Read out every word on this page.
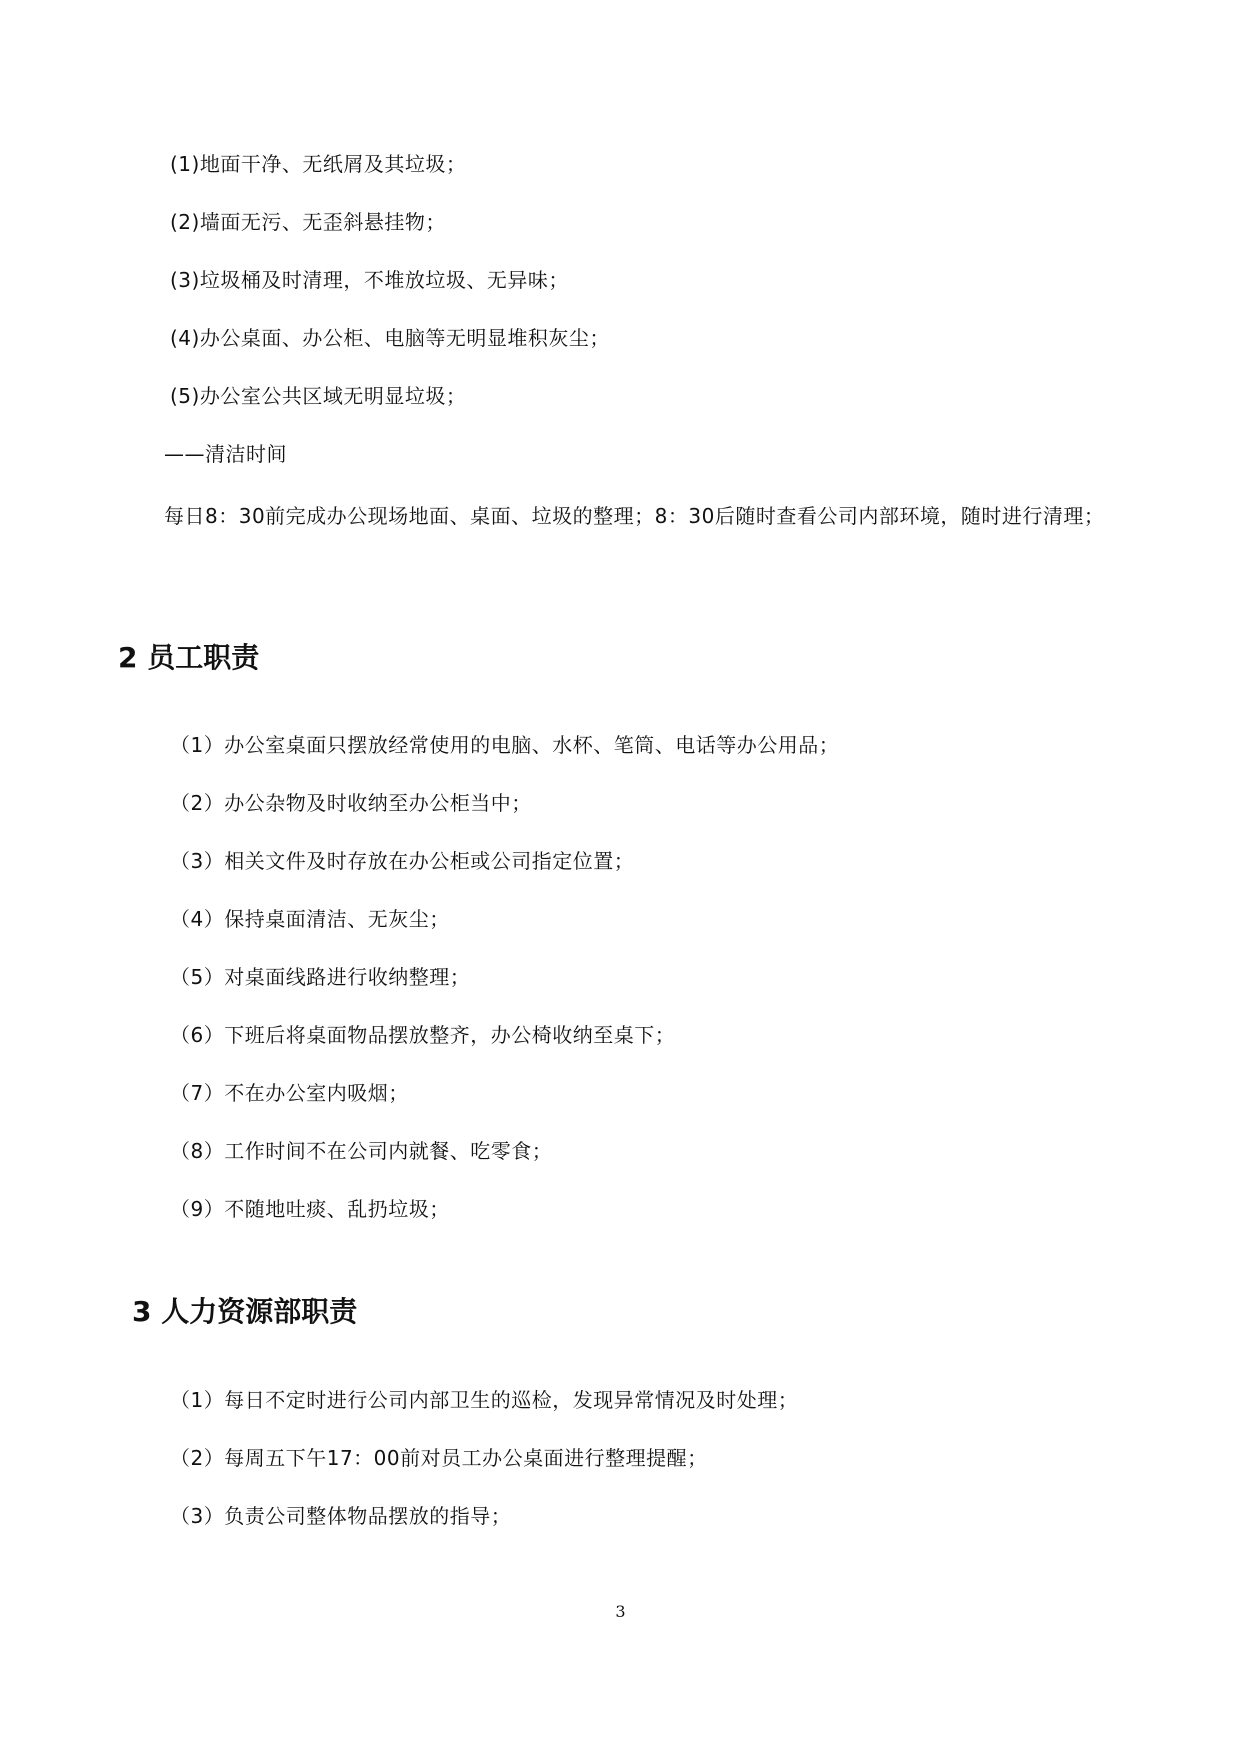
(1)地面干净、无纸屑及其垃圾；
(2)墙面无污、无歪斜悬挂物；
(3)垃圾桶及时清理，不堆放垃圾、无异味；
(4)办公桌面、办公柜、电脑等无明显堆积灰尘；
(5)办公室公共区域无明显垃圾；
——清洁时间
每日8：30前完成办公现场地面、桌面、垃圾的整理；8：30后随时查看公司内部环境，随时进行清理；
2 员工职责
（1）办公室桌面只摆放经常使用的电脑、水杯、笔筒、电话等办公用品；
（2）办公杂物及时收纳至办公柜当中；
（3）相关文件及时存放在办公柜或公司指定位置；
（4）保持桌面清洁、无灰尘；
（5）对桌面线路进行收纳整理；
（6）下班后将桌面物品摆放整齐，办公椅收纳至桌下；
（7）不在办公室内吸烟；
（8）工作时间不在公司内就餐、吃零食；
（9）不随地吐痰、乱扔垃圾；
3 人力资源部职责
（1）每日不定时进行公司内部卫生的巡检，发现异常情况及时处理；
（2）每周五下午17：00前对员工办公桌面进行整理提醒；
（3）负责公司整体物品摆放的指导；
3
